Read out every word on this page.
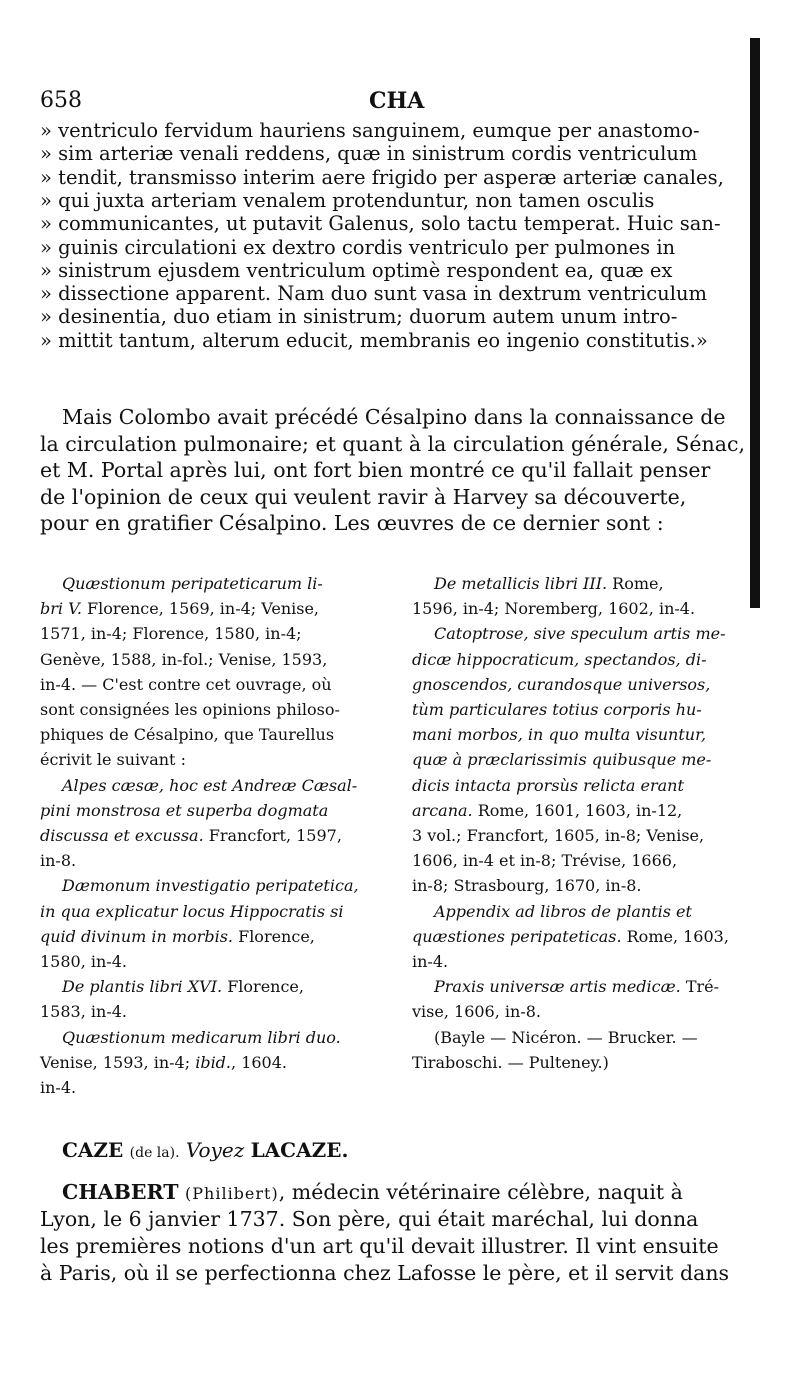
658	CHA
» ventriculo fervidum hauriens sanguinem, eumque per anastomo-
» sim arteriæ venali reddens, quæ in sinistrum cordis ventriculum
» tendit, transmisso interim aere frigido per asperæ arteriæ canales,
» qui juxta arteriam venalem protenduntur, non tamen osculis
» communicantes, ut putavit Galenus, solo tactu temperat. Huic san-
» guinis circulationi ex dextro cordis ventriculo per pulmones in
» sinistrum ejusdem ventriculum optimè respondent ea, quæ ex
» dissectione apparent. Nam duo sunt vasa in dextrum ventriculum
» desinentia, duo etiam in sinistrum; duorum autem unum intro-
» mittit tantum, alterum educit, membranis eo ingenio constitutis.»
Mais Colombo avait précédé Césalpino dans la connaissance de
la circulation pulmonaire; et quant à la circulation générale, Sénac,
et M. Portal après lui, ont fort bien montré ce qu'il fallait penser
de l'opinion de ceux qui veulent ravir à Harvey sa découverte,
pour en gratifier Césalpino. Les œuvres de ce dernier sont :
Quæstionum peripateticarum li-
bri V. Florence, 1569, in-4; Venise,
1571, in-4; Florence, 1580, in-4;
Genève, 1588, in-fol.; Venise, 1593,
in-4. — C'est contre cet ouvrage, où
sont consignées les opinions philoso-
phiques de Césalpino, que Taurellus
écrivit le suivant :
Alpes cæsæ, hoc est Andreæ Cæsal-
pini monstrosa et superba dogmata
discussa et excussa. Francfort, 1597,
in-8.
Dæmonum investigatio peripatetica,
in qua explicatur locus Hippocratis si
quid divinum in morbis. Florence,
1580, in-4.
De plantis libri XVI. Florence,
1583, in-4.
Quæstionum medicarum libri duo.
Venise, 1593, in-4; ibid., 1604.
in-4.
De metallicis libri III. Rome,
1596, in-4; Noremberg, 1602, in-4.
Catoptrose, sive speculum artis me-
dicæ hippocraticum, spectandos, di-
gnoscendos, curandosque universos,
tùm particulares totius corporis hu-
mani morbos, in quo multa visuntur,
quæ à præclarissimis quibusque me-
dicis intacta prorsùs relicta erant
arcana. Rome, 1601, 1603, in-12,
3 vol.; Francfort, 1605, in-8; Venise,
1606, in-4 et in-8; Trévise, 1666,
in-8; Strasbourg, 1670, in-8.
Appendix ad libros de plantis et
quæstiones peripateticas. Rome, 1603,
in-4.
Praxis universæ artis medicæ. Tré-
vise, 1606, in-8.
(Bayle — Nicéron. — Brucker. —
Tiraboschi. — Pulteney.)
CAZE (de la). Voyez LACAZE.
CHABERT (Philibert), médecin vétérinaire célèbre, naquit à
Lyon, le 6 janvier 1737. Son père, qui était maréchal, lui donna
les premières notions d'un art qu'il devait illustrer. Il vint ensuite
à Paris, où il se perfectionna chez Lafosse le père, et il servit dans
